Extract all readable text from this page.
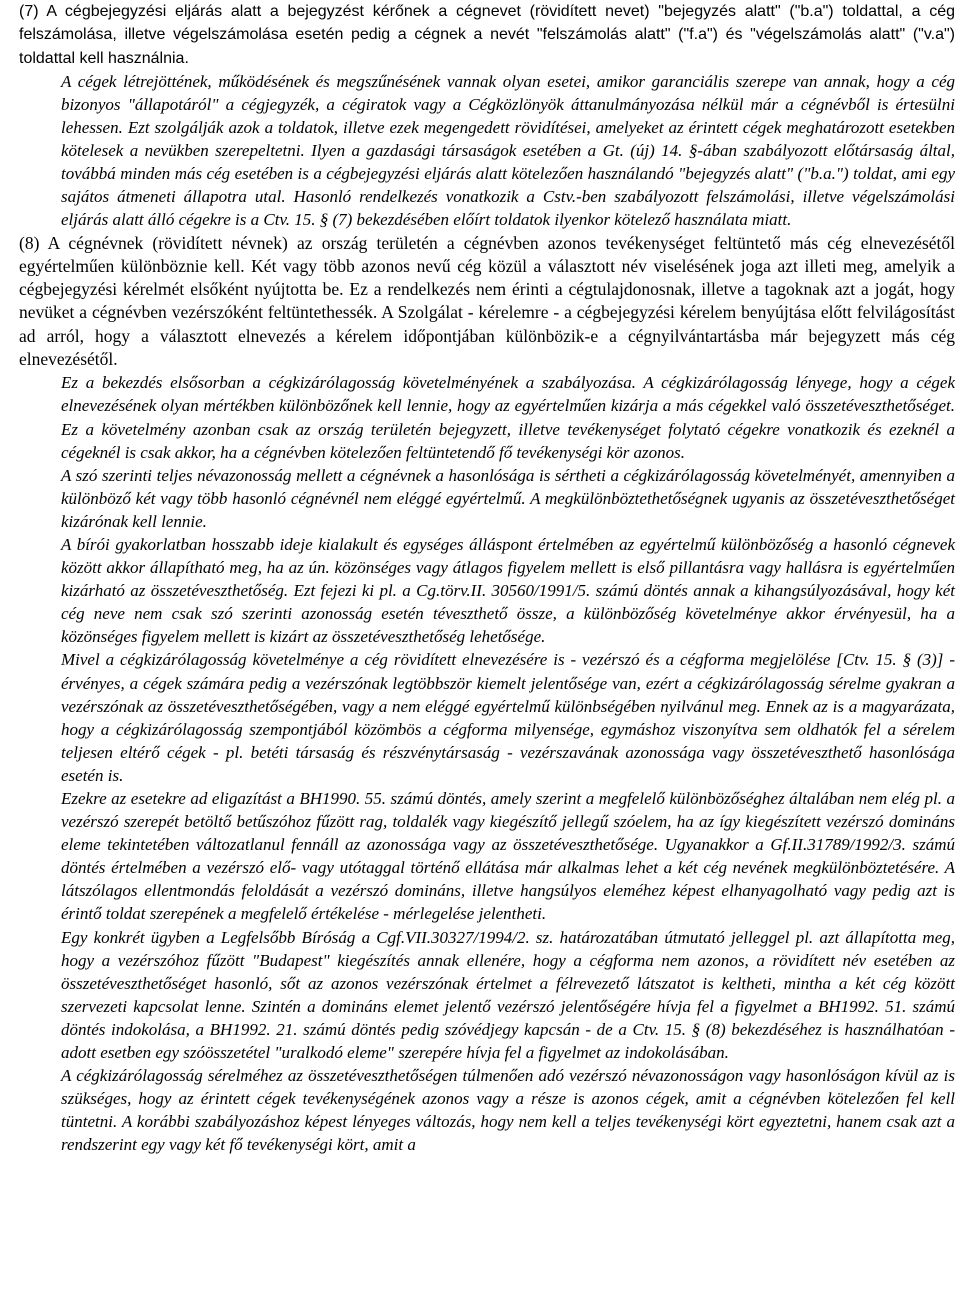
(7) A cégbejegyzési eljárás alatt a bejegyzést kérőnek a cégnevet (rövidített nevet) "bejegyzés alatt" ("b.a") toldattal, a cég felszámolása, illetve végelszámolása esetén pedig a cégnek a nevét "felszámolás alatt" ("f.a") és "végelszámolás alatt" ("v.a") toldattal kell használnia.

A cégek létrejöttének, működésének és megszűnésének vannak olyan esetei, amikor garanciális szerepe van annak, hogy a cég bizonyos "állapotáról" a cégjegyzék, a cégiratok vagy a Cégközlönyök áttanulmányozása nélkül már a cégnévből is értesülni lehessen. Ezt szolgálják azok a toldatok, illetve ezek megengedett rövidítései, amelyeket az érintett cégek meghatározott esetekben kötelesek a nevükben szerepeltetni. Ilyen a gazdasági társaságok esetében a Gt. (új) 14. §-ában szabályozott előtársaság által, továbbá minden más cég esetében is a cégbejegyzési eljárás alatt kötelezően használandó "bejegyzés alatt" ("b.a.") toldat, ami egy sajátos átmeneti állapotra utal. Hasonló rendelkezés vonatkozik a Cstv.-ben szabályozott felszámolási, illetve végelszámolási eljárás alatt álló cégekre is a Ctv. 15. § (7) bekezdésében előírt toldatok ilyenkor kötelező használata miatt.

(8) A cégnévnek (rövidített névnek) az ország területén a cégnévben azonos tevékenységet feltüntető más cég elnevezésétől egyértelműen különböznie kell. Két vagy több azonos nevű cég közül a választott név viselésének joga azt illeti meg, amelyik a cégbejegyzési kérelmét elsőként nyújtotta be. Ez a rendelkezés nem érinti a cégtulajdonosnak, illetve a tagoknak azt a jogát, hogy nevüket a cégnévben vezérszóként feltüntethessék. A Szolgálat - kérelemre - a cégbejegyzési kérelem benyújtása előtt felvilágosítást ad arról, hogy a választott elnevezés a kérelem időpontjában különbözik-e a cégnyilvántartásba már bejegyzett más cég elnevezésétől.

Ez a bekezdés elsősorban a cégkizárólagosság követelményének a szabályozása. A cégkizárólagosság lényege, hogy a cégek elnevezésének olyan mértékben különbözőnek kell lennie, hogy az egyértelműen kizárja a más cégekkel való összetéveszthetőséget. Ez a követelmény azonban csak az ország területén bejegyzett, illetve tevékenységet folytató cégekre vonatkozik és ezeknél a cégeknél is csak akkor, ha a cégnévben kötelezően feltüntetendő fő tevékenységi kör azonos.

A szó szerinti teljes névazonosság mellett a cégnévnek a hasonlósága is sértheti a cégkizárólagosság követelményét, amennyiben a különböző két vagy több hasonló cégnévnél nem eléggé egyértelmű. A megkülönböztethetőségnek ugyanis az összetéveszthetőséget kizárónak kell lennie.

A bírói gyakorlatban hosszabb ideje kialakult és egységes álláspont értelmében az egyértelmű különbözőség a hasonló cégnevek között akkor állapítható meg, ha az ún. közönséges vagy átlagos figyelem mellett is első pillantásra vagy hallásra is egyértelműen kizárható az összetéveszthetőség. Ezt fejezi ki pl. a Cg.törv.II. 30560/1991/5. számú döntés annak a kihangsúlyozásával, hogy két cég neve nem csak szó szerinti azonosság esetén téveszthető össze, a különbözőség követelménye akkor érvényesül, ha a közönséges figyelem mellett is kizárt az összetéveszthetőség lehetősége.

Mivel a cégkizárólagosság követelménye a cég rövidített elnevezésére is - vezérszó és a cégforma megjelölése [Ctv. 15. § (3)] - érvényes, a cégek számára pedig a vezérszónak legtöbbször kiemelt jelentősége van, ezért a cégkizárólagosság sérelme gyakran a vezérszónak az összetéveszthetőségében, vagy a nem eléggé egyértelmű különbségében nyilvánul meg. Ennek az is a magyarázata, hogy a cégkizárólagosság szempontjából közömbös a cégforma milyensége, egymáshoz viszonyítva sem oldhatók fel a sérelem teljesen eltérő cégek - pl. betéti társaság és részvénytársaság - vezérszavának azonossága vagy összetéveszthető hasonlósága esetén is.

Ezekre az esetekre ad eligazítást a BH1990. 55. számú döntés, amely szerint a megfelelő különbözőséghez általában nem elég pl. a vezérszó szerepét betöltő betűszóhoz fűzött rag, toldalék vagy kiegészítő jellegű szóelem, ha az így kiegészített vezérszó domináns eleme tekintetében változatlanul fennáll az azonossága vagy az összetéveszthetősége. Ugyanakkor a Gf.II.31789/1992/3. számú döntés értelmében a vezérszó elő- vagy utótaggal történő ellátása már alkalmas lehet a két cég nevének megkülönböztetésére. A látszólagos ellentmondás feloldását a vezérszó domináns, illetve hangsúlyos eleméhez képest elhanyagolható vagy pedig azt is érintő toldat szerepének a megfelelő értékelése - mérlegelése jelentheti.

Egy konkrét ügyben a Legfelsőbb Bíróság a Cgf.VII.30327/1994/2. sz. határozatában útmutató jelleggel pl. azt állapította meg, hogy a vezérszóhoz fűzött "Budapest" kiegészítés annak ellenére, hogy a cégforma nem azonos, a rövidített név esetében az összetéveszthetőséget hasonló, sőt az azonos vezérszónak értelmet a félrevezető látszatot is keltheti, mintha a két cég között szervezeti kapcsolat lenne. Szintén a domináns elemet jelentő vezérszó jelentőségére hívja fel a figyelmet a BH1992. 51. számú döntés indokolása, a BH1992. 21. számú döntés pedig szóvédjegy kapcsán - de a Ctv. 15. § (8) bekezdéséhez is használhatóan - adott esetben egy szóösszetétel "uralkodó eleme" szerepére hívja fel a figyelmet az indokolásában.

A cégkizárólagosság sérelméhez az összetéveszthetőségen túlmenően adó vezérszó névazonosságon vagy hasonlóságon kívül az is szükséges, hogy az érintett cégek tevékenységének azonos vagy a része is azonos cégek, amit a cégnévben kötelezően fel kell tüntetni. A korábbi szabályozáshoz képest lényeges változás, hogy nem kell a teljes tevékenységi kört egyeztetni, hanem csak azt a rendszerint egy vagy két fő tevékenységi kört, amit a
